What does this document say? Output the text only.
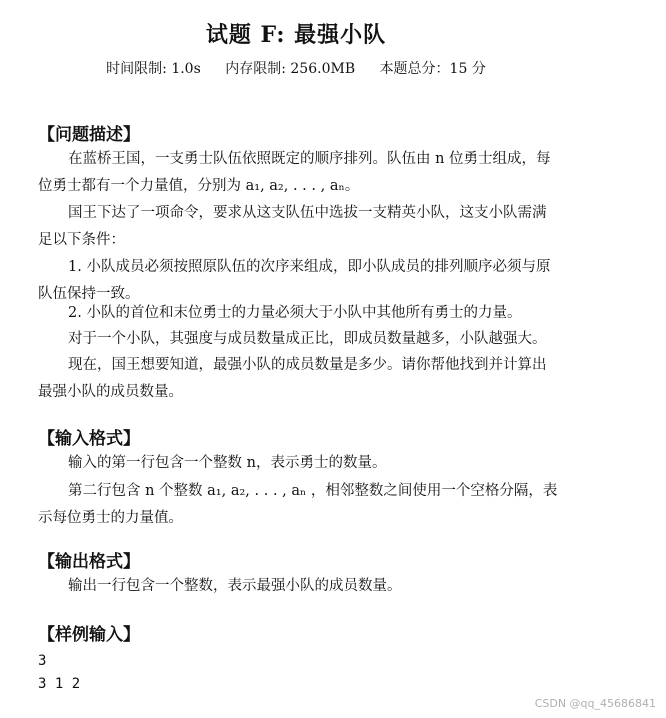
试题 F: 最强小队
时间限制: 1.0s 内存限制: 256.0MB 本题总分：15 分
【问题描述】
在蓝桥王国，一支勇士队伍依照既定的顺序排列。队伍由 n 位勇士组成，每位勇士都有一个力量值，分别为 a₁, a₂, . . . , aₙ。
国王下达了一项命令，要求从这支队伍中选拔一支精英小队，这支小队需满足以下条件：
1. 小队成员必须按照原队伍的次序来组成，即小队成员的排列顺序必须与原队伍保持一致。
2. 小队的首位和末位勇士的力量必须大于小队中其他所有勇士的力量。
对于一个小队，其强度与成员数量成正比，即成员数量越多，小队越强大。
现在，国王想要知道，最强小队的成员数量是多少。请你帮他找到并计算出最强小队的成员数量。
【输入格式】
输入的第一行包含一个整数 n，表示勇士的数量。
第二行包含 n 个整数 a₁, a₂, . . . , aₙ ，相邻整数之间使用一个空格分隔，表示每位勇士的力量值。
【输出格式】
输出一行包含一个整数，表示最强小队的成员数量。
【样例输入】
3
3 1 2
CSDN @qq_45686841
